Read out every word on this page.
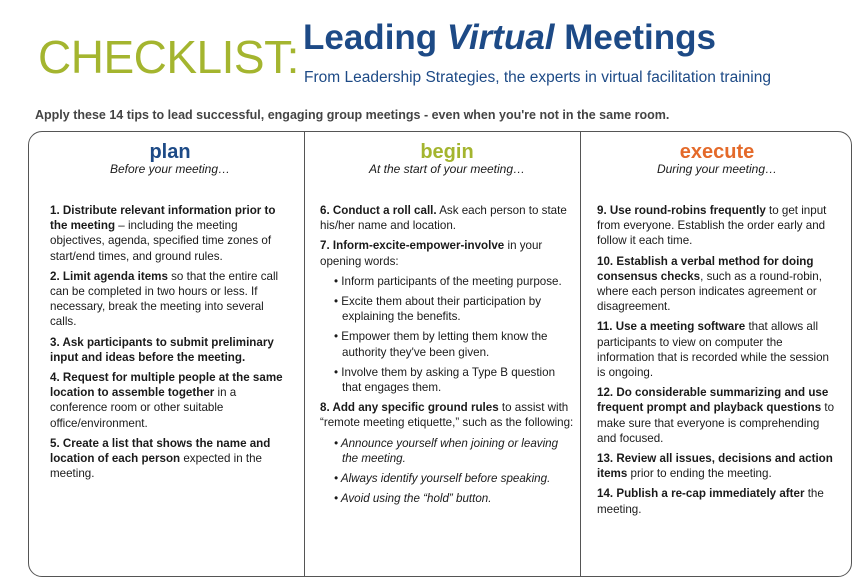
CHECKLIST: Leading Virtual Meetings
From Leadership Strategies, the experts in virtual facilitation training
Apply these 14 tips to lead successful, engaging group meetings - even when you're not in the same room.
plan
Before your meeting…
1. Distribute relevant information prior to the meeting – including the meeting objectives, agenda, specified time zones of start/end times, and ground rules.
2. Limit agenda items so that the entire call can be completed in two hours or less. If necessary, break the meeting into several calls.
3. Ask participants to submit preliminary input and ideas before the meeting.
4. Request for multiple people at the same location to assemble together in a conference room or other suitable office/environment.
5. Create a list that shows the name and location of each person expected in the meeting.
begin
At the start of your meeting…
6. Conduct a roll call. Ask each person to state his/her name and location.
7. Inform-excite-empower-involve in your opening words:
• Inform participants of the meeting purpose.
• Excite them about their participation by explaining the benefits.
• Empower them by letting them know the authority they've been given.
• Involve them by asking a Type B question that engages them.
8. Add any specific ground rules to assist with “remote meeting etiquette,” such as the following:
• Announce yourself when joining or leaving the meeting.
• Always identify yourself before speaking.
• Avoid using the “hold” button.
execute
During your meeting…
9. Use round-robins frequently to get input from everyone. Establish the order early and follow it each time.
10. Establish a verbal method for doing consensus checks, such as a round-robin, where each person indicates agreement or disagreement.
11. Use a meeting software that allows all participants to view on computer the information that is recorded while the session is ongoing.
12. Do considerable summarizing and use frequent prompt and playback questions to make sure that everyone is comprehending and focused.
13. Review all issues, decisions and action items prior to ending the meeting.
14. Publish a re-cap immediately after the meeting.
